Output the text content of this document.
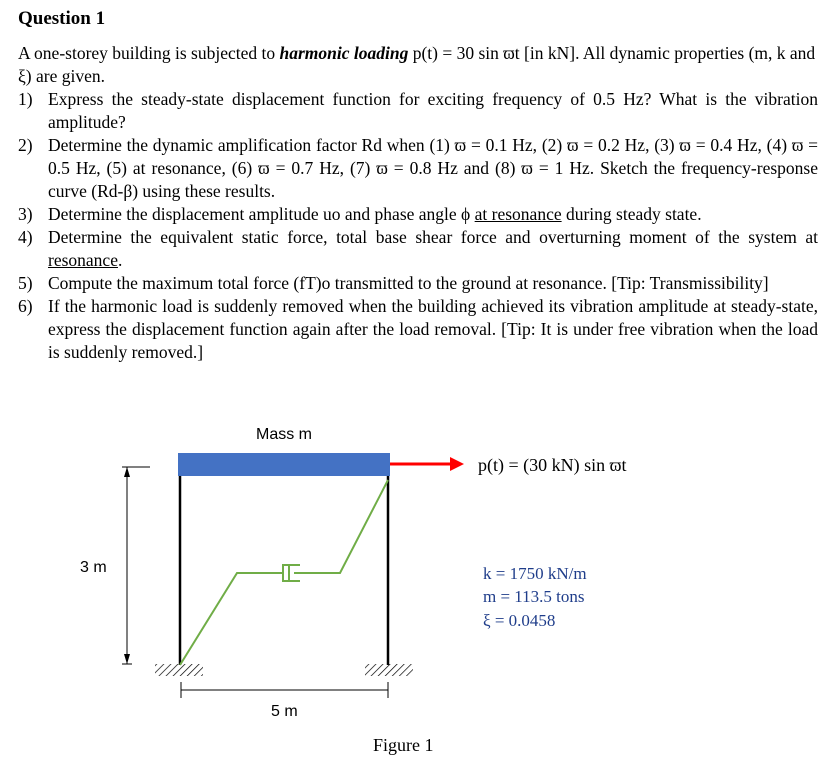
Question 1
A one-storey building is subjected to harmonic loading p(t) = 30 sin ϖt [in kN]. All dynamic properties (m, k and ξ) are given.
1) Express the steady-state displacement function for exciting frequency of 0.5 Hz? What is the vibration amplitude?
2) Determine the dynamic amplification factor Rd when (1) ϖ = 0.1 Hz, (2) ϖ = 0.2 Hz, (3) ϖ = 0.4 Hz, (4) ϖ = 0.5 Hz, (5) at resonance, (6) ϖ = 0.7 Hz, (7) ϖ = 0.8 Hz and (8) ϖ = 1 Hz. Sketch the frequency-response curve (Rd-β) using these results.
3) Determine the displacement amplitude uo and phase angle ϕ at resonance during steady state.
4) Determine the equivalent static force, total base shear force and overturning moment of the system at resonance.
5) Compute the maximum total force (fT)o transmitted to the ground at resonance. [Tip: Transmissibility]
6) If the harmonic load is suddenly removed when the building achieved its vibration amplitude at steady-state, express the displacement function again after the load removal. [Tip: It is under free vibration when the load is suddenly removed.]
Mass m
p(t) = (30 kN) sin ϖt
3 m
5 m
k = 1750 kN/m
m = 113.5 tons
ξ = 0.0458
Figure 1
